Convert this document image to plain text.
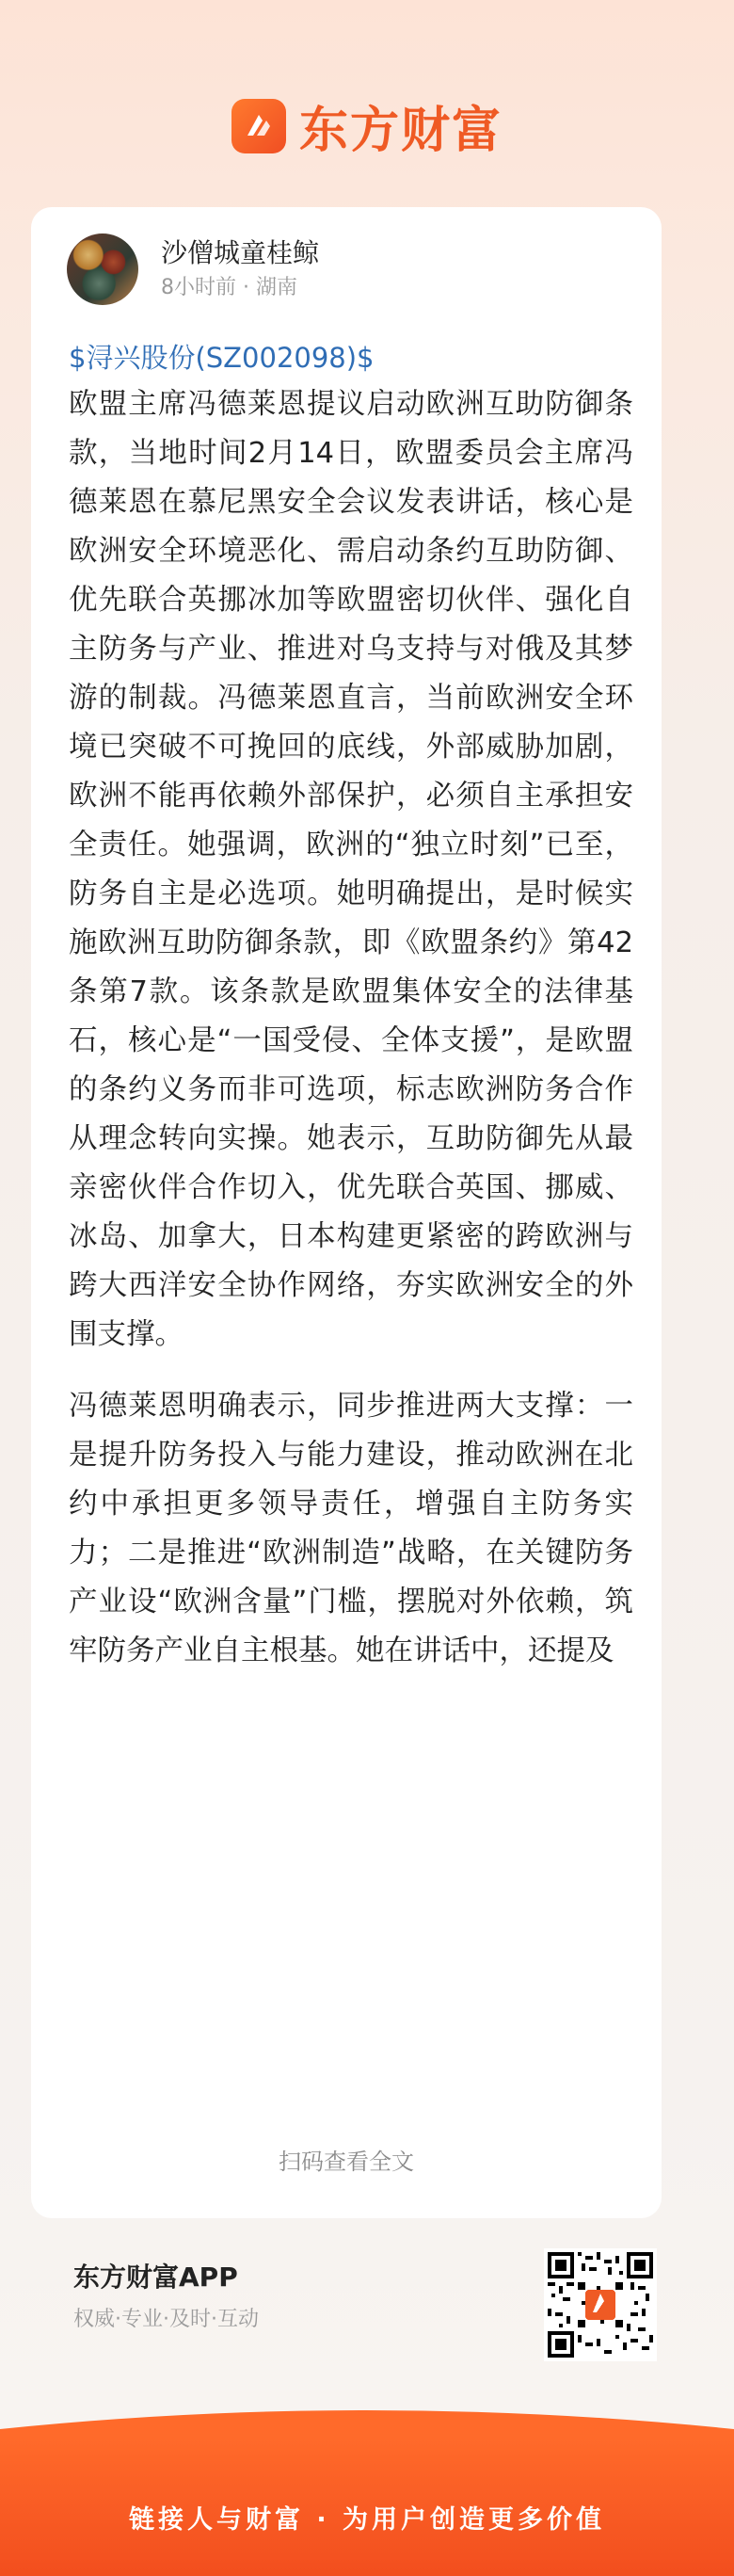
东方财富
沙僧城童桂鲸
8小时前 · 湖南
$浔兴股份(SZ002098)$

欧盟主席冯德莱恩提议启动欧洲互助防御条款，当地时间2月14日，欧盟委员会主席冯德莱恩在慕尼黑安全会议发表讲话，核心是欧洲安全环境恶化、需启动条约互助防御、优先联合英挪冰加等欧盟密切伙伴、强化自主防务与产业、推进对乌支持与对俄及其梦游的制裁。冯德莱恩直言，当前欧洲安全环境已突破不可挽回的底线，外部威胁加剧，欧洲不能再依赖外部保护，必须自主承担安全责任。她强调，欧洲的“独立时刻”已至，防务自主是必选项。她明确提出，是时候实施欧洲互助防御条款，即《欧盟条约》第42条第7款。该条款是欧盟集体安全的法律基石，核心是“一国受侵、全体支援”，是欧盟的条约义务而非可选项，标志欧洲防务合作从理念转向实操。她表示，互助防御先从最亲密伙伴合作切入，优先联合英国、挪威、冰岛、加拿大，日本构建更紧密的跨欧洲与跨大西洋安全协作网络，夯实欧洲安全的外围支撑。

冯德莱恩明确表示，同步推进两大支撑：一是提升防务投入与能力建设，推动欧洲在北约中承担更多领导责任，增强自主防务实力；二是推进“欧洲制造”战略，在关键防务产业设“欧洲含量”门槛，摆脱对外依赖，筑牢防务产业自主根基。她在讲话中，还提及

扫码查看全文
东方财富APP
权威·专业·及时·互动
链接人与财富 · 为用户创造更多价值
